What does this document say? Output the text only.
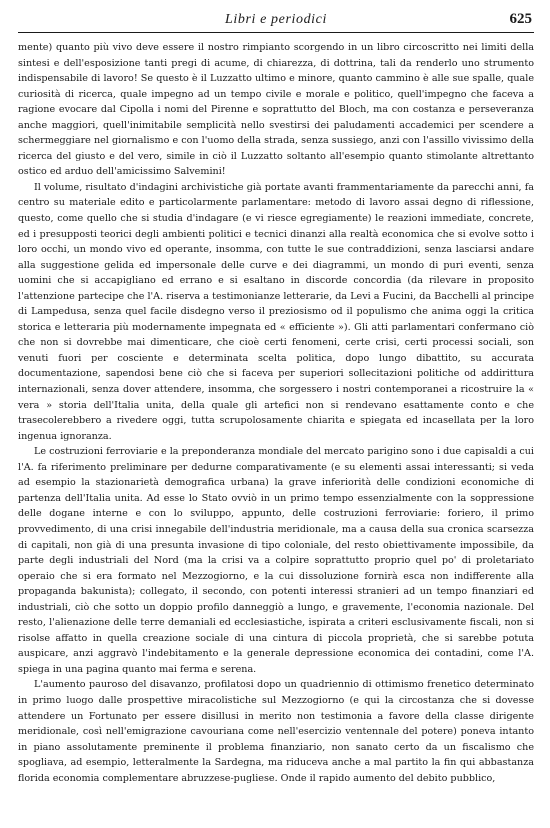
Libri e periodici	625

mente) quanto più vivo deve essere il nostro rimpianto scorgendo in un libro circoscritto nei limiti della sintesi e dell'esposizione tanti pregi di acume, di chiarezza, di dottrina, tali da renderlo uno strumento indispensabile di lavoro! Se questo è il Luzzatto ultimo e minore, quanto cammino è alle sue spalle, quale curiosità di ricerca, quale impegno ad un tempo civile e morale e politico, quell'impegno che faceva a ragione evocare dal Cipolla i nomi del Pirenne e soprattutto del Bloch, ma con costanza e perseveranza anche maggiori, quell'inimitabile semplicità nello svestirsi dei paludamenti accademici per scendere a schermeggiare nel giornalismo e con l'uomo della strada, senza sussiego, anzi con l'assillo vivissimo della ricerca del giusto e del vero, simile in ciò il Luzzatto soltanto all'esempio quanto stimolante altrettanto ostico ed arduo dell'amicissimo Salvemini!

Il volume, risultato d'indagini archivistiche già portate avanti frammentariamente da parecchi anni, fa centro su materiale edito e particolarmente parlamentare: metodo di lavoro assai degno di riflessione, questo, come quello che si studia d'indagare (e vi riesce egregiamente) le reazioni immediate, concrete, ed i presupposti teorici degli ambienti politici e tecnici dinanzi alla realtà economica che si evolve sotto i loro occhi, un mondo vivo ed operante, insomma, con tutte le sue contraddizioni, senza lasciarsi andare alla suggestione gelida ed impersonale delle curve e dei diagrammi, un mondo di puri eventi, senza uomini che si accapigliano ed errano e si esaltano in discorde concordia (da rilevare in proposito l'attenzione partecipe che l'A. riserva a testimonianze letterarie, da Levi a Fucini, da Bacchelli al principe di Lampedusa, senza quel facile disdegno verso il preziosismo od il populismo che anima oggi la critica storica e letteraria più modernamente impegnata ed « efficiente »). Gli atti parlamentari confermano ciò che non si dovrebbe mai dimenticare, che cioè certi fenomeni, certe crisi, certi processi sociali, son venuti fuori per cosciente e determinata scelta politica, dopo lungo dibattito, su accurata documentazione, sapendosi bene ciò che si faceva per superiori sollecitazioni politiche od addirittura internazionali, senza dover attendere, insomma, che sorgessero i nostri contemporanei a ricostruire la « vera » storia dell'Italia unita, della quale gli artefici non si rendevano esattamente conto e che trasecolerebbero a rivedere oggi, tutta scrupolosamente chiarita e spiegata ed incasellata per la loro ingenua ignoranza.

Le costruzioni ferroviarie e la preponderanza mondiale del mercato parigino sono i due capisaldi a cui l'A. fa riferimento preliminare per dedurne comparativamente (e su elementi assai interessanti; si veda ad esempio la stazionarietà demografica urbana) la grave inferiorità delle condizioni economiche di partenza dell'Italia unita. Ad esse lo Stato ovviò in un primo tempo essenzialmente con la soppressione delle dogane interne e con lo sviluppo, appunto, delle costruzioni ferroviarie: foriero, il primo provvedimento, di una crisi innegabile dell'industria meridionale, ma a causa della sua cronica scarsezza di capitali, non già di una presunta invasione di tipo coloniale, del resto obiettivamente impossibile, da parte degli industriali del Nord (ma la crisi va a colpire soprattutto proprio quel po' di proletariato operaio che si era formato nel Mezzogiorno, e la cui dissoluzione fornirà esca non indifferente alla propaganda bakunista); collegato, il secondo, con potenti interessi stranieri ad un tempo finanziari ed industriali, ciò che sotto un doppio profilo danneggiò a lungo, e gravemente, l'economia nazionale. Del resto, l'alienazione delle terre demaniali ed ecclesiastiche, ispirata a criteri esclusivamente fiscali, non si risolse affatto in quella creazione sociale di una cintura di piccola proprietà, che si sarebbe potuta auspicare, anzi aggravò l'indebitamento e la generale depressione economica dei contadini, come l'A. spiega in una pagina quanto mai ferma e serena.

L'aumento pauroso del disavanzo, profilatosi dopo un quadriennio di ottimismo frenetico determinato in primo luogo dalle prospettive miracolistiche sul Mezzogiorno (e qui la circostanza che si dovesse attendere un Fortunato per essere disillusi in merito non testimonia a favore della classe dirigente meridionale, così nell'emigrazione cavouriana come nell'esercizio ventennale del potere) poneva intanto in piano assolutamente preminente il problema finanziario, non sanato certo da un fiscalismo che spogliava, ad esempio, letteralmente la Sardegna, ma riduceva anche a mal partito la fin qui abbastanza florida economia complementare abruzzese-pugliese. Onde il rapido aumento del debito pubblico,
